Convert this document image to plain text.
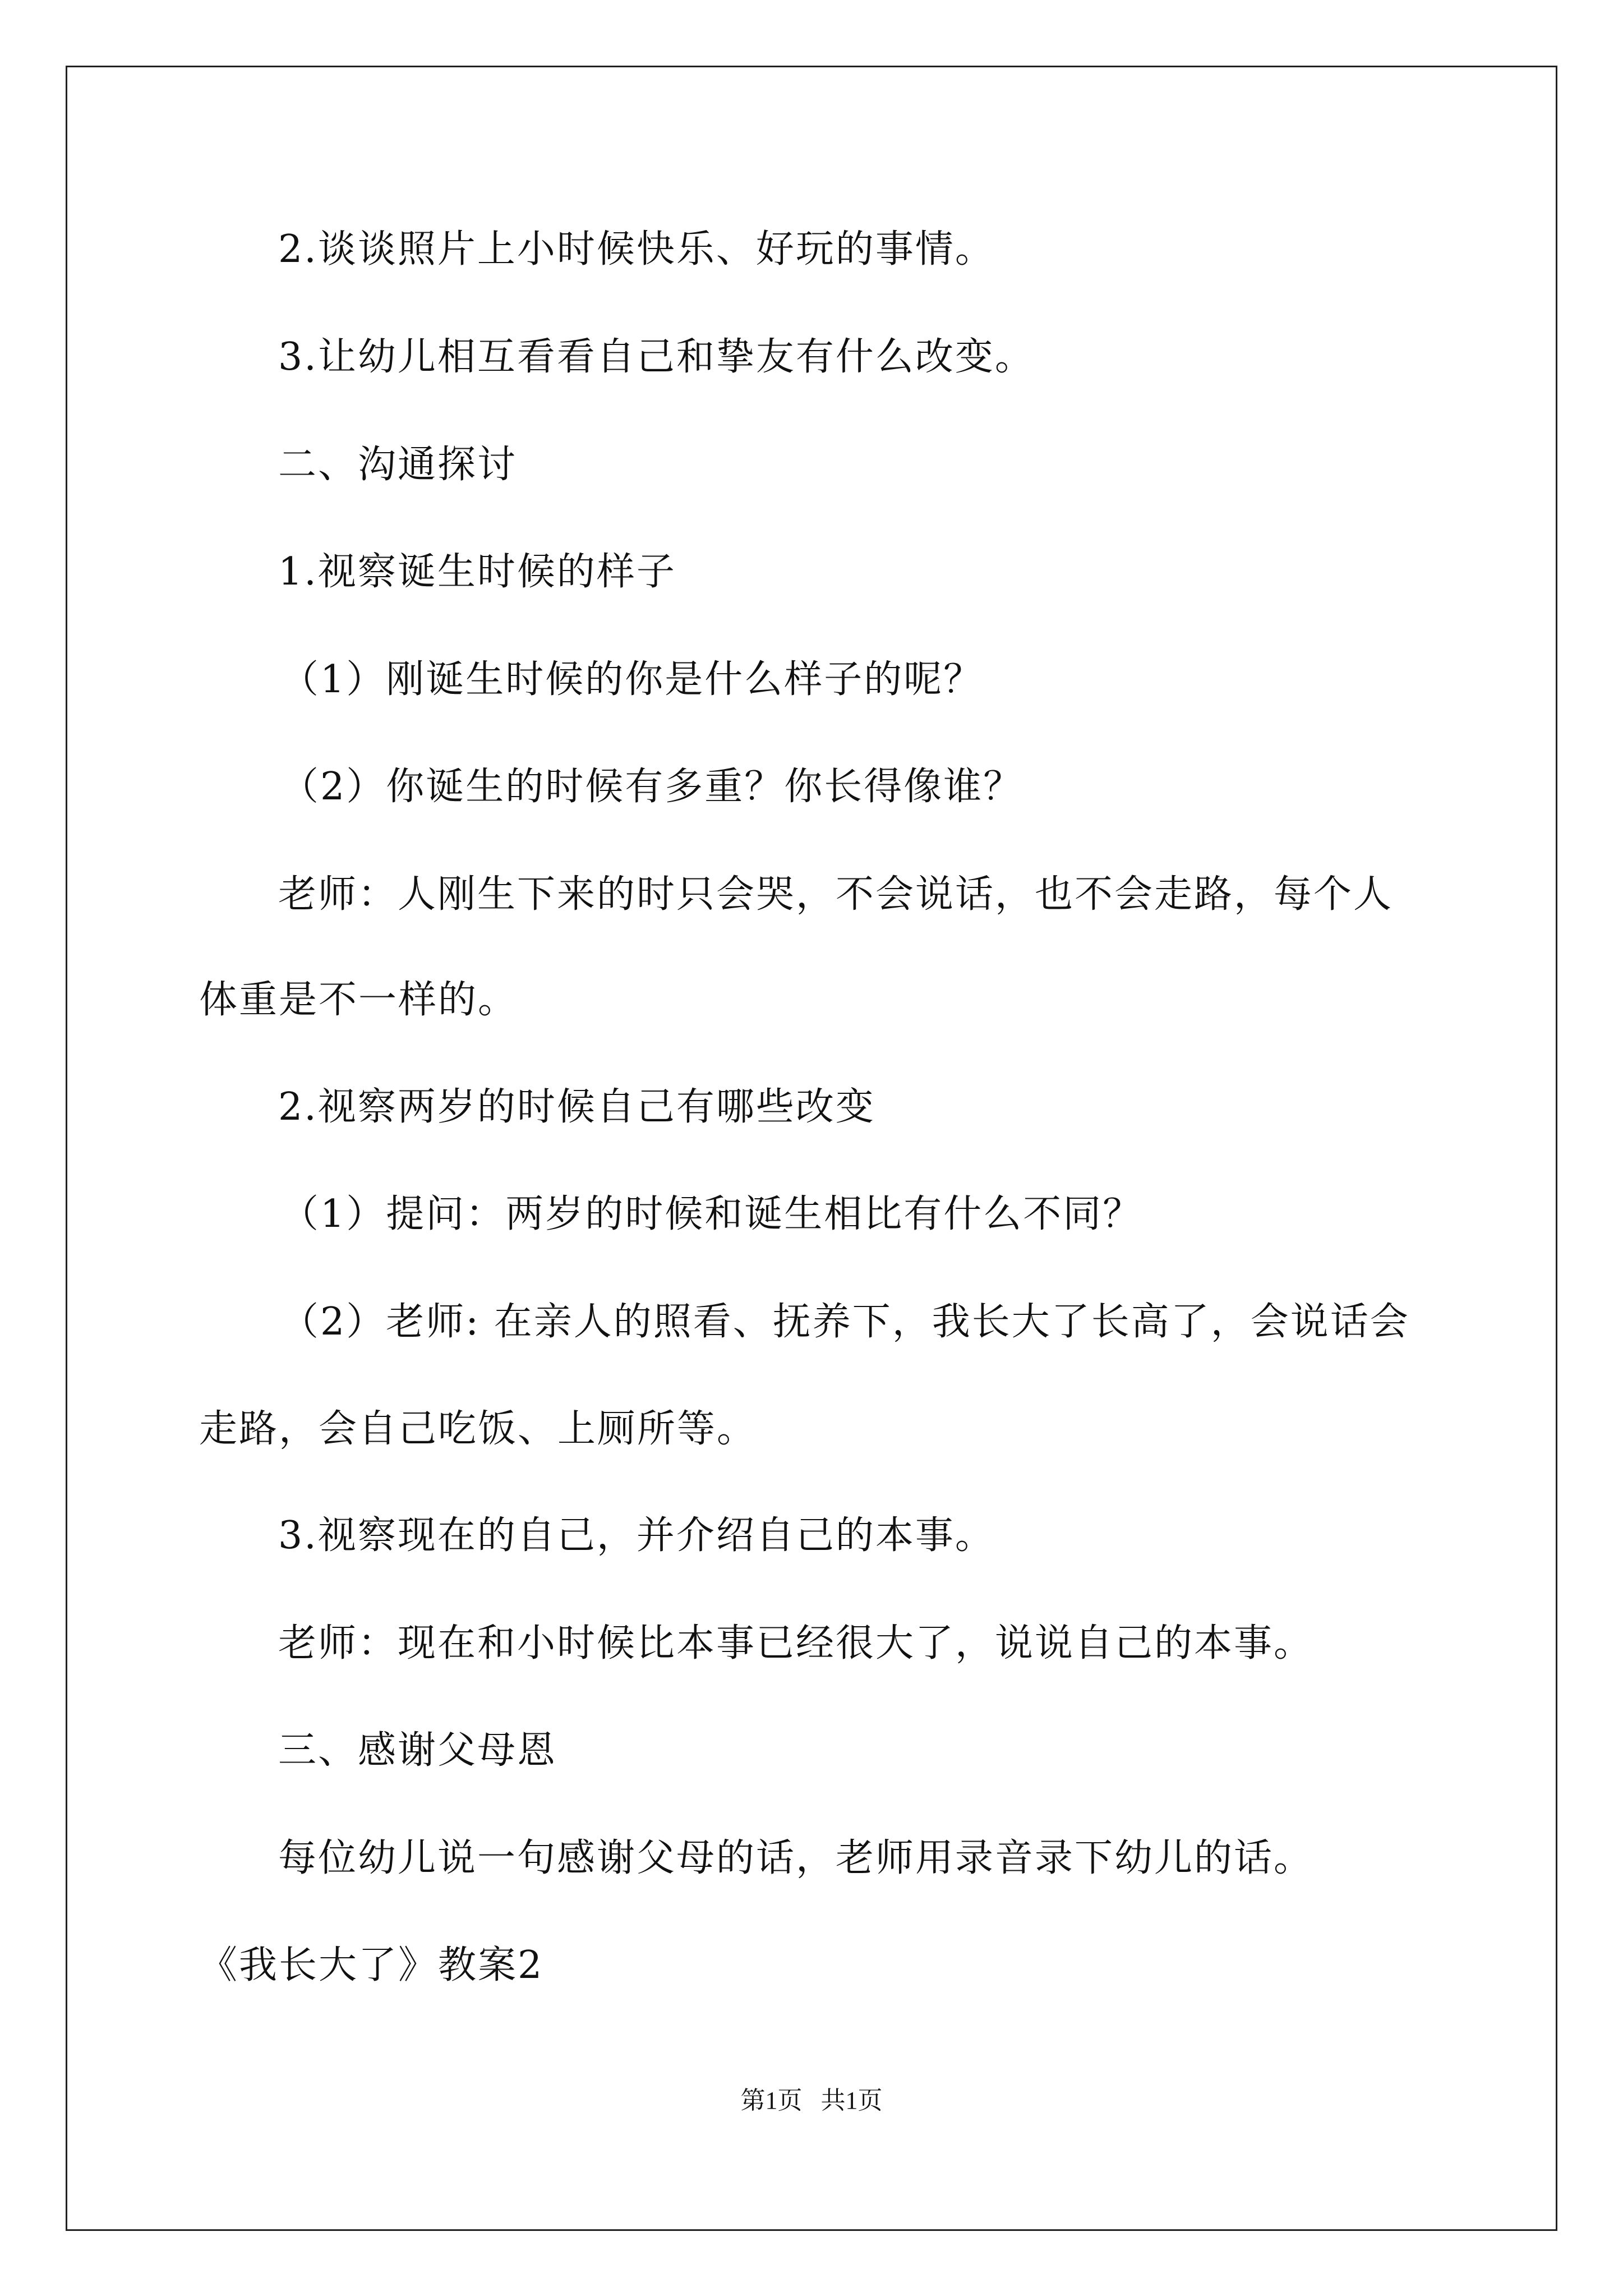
2.谈谈照片上小时候快乐、好玩的事情。
3.让幼儿相互看看自己和挚友有什么改变。
二、沟通探讨
1.视察诞生时候的样子
（1）刚诞生时候的你是什么样子的呢？
（2）你诞生的时候有多重？你长得像谁？
老师：人刚生下来的时只会哭，不会说话，也不会走路，每个人
体重是不一样的。
2.视察两岁的时候自己有哪些改变
（1）提问：两岁的时候和诞生相比有什么不同？
（2）老师: 在亲人的照看、抚养下，我长大了长高了，会说话会
走路，会自己吃饭、上厕所等。
3.视察现在的自己，并介绍自己的本事。
老师：现在和小时候比本事已经很大了，说说自己的本事。
三、感谢父母恩
每位幼儿说一句感谢父母的话，老师用录音录下幼儿的话。
《我长大了》教案2
第1页   共1页
